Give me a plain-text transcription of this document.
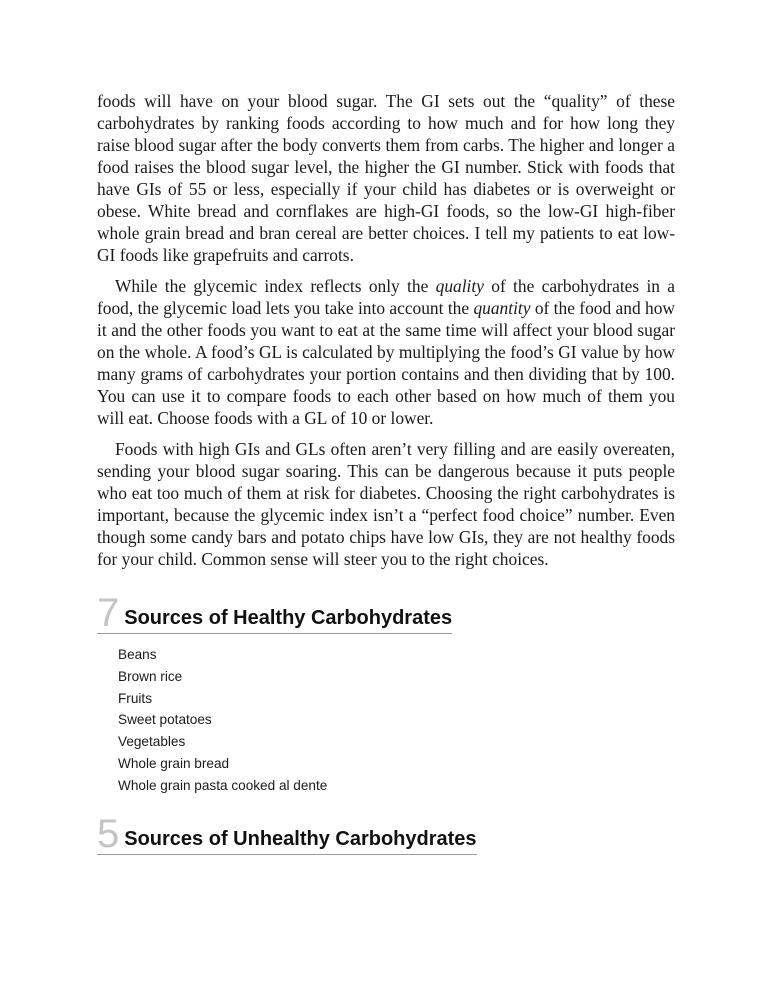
foods will have on your blood sugar. The GI sets out the “quality” of these carbohydrates by ranking foods according to how much and for how long they raise blood sugar after the body converts them from carbs. The higher and longer a food raises the blood sugar level, the higher the GI number. Stick with foods that have GIs of 55 or less, especially if your child has diabetes or is overweight or obese. White bread and cornflakes are high-GI foods, so the low-GI high-fiber whole grain bread and bran cereal are better choices. I tell my patients to eat low-GI foods like grapefruits and carrots.

While the glycemic index reflects only the quality of the carbohydrates in a food, the glycemic load lets you take into account the quantity of the food and how it and the other foods you want to eat at the same time will affect your blood sugar on the whole. A food’s GL is calculated by multiplying the food’s GI value by how many grams of carbohydrates your portion contains and then dividing that by 100. You can use it to compare foods to each other based on how much of them you will eat. Choose foods with a GL of 10 or lower.

Foods with high GIs and GLs often aren’t very filling and are easily overeaten, sending your blood sugar soaring. This can be dangerous because it puts people who eat too much of them at risk for diabetes. Choosing the right carbohydrates is important, because the glycemic index isn’t a “perfect food choice” number. Even though some candy bars and potato chips have low GIs, they are not healthy foods for your child. Common sense will steer you to the right choices.

7 Sources of Healthy Carbohydrates
Beans
Brown rice
Fruits
Sweet potatoes
Vegetables
Whole grain bread
Whole grain pasta cooked al dente
5 Sources of Unhealthy Carbohydrates
